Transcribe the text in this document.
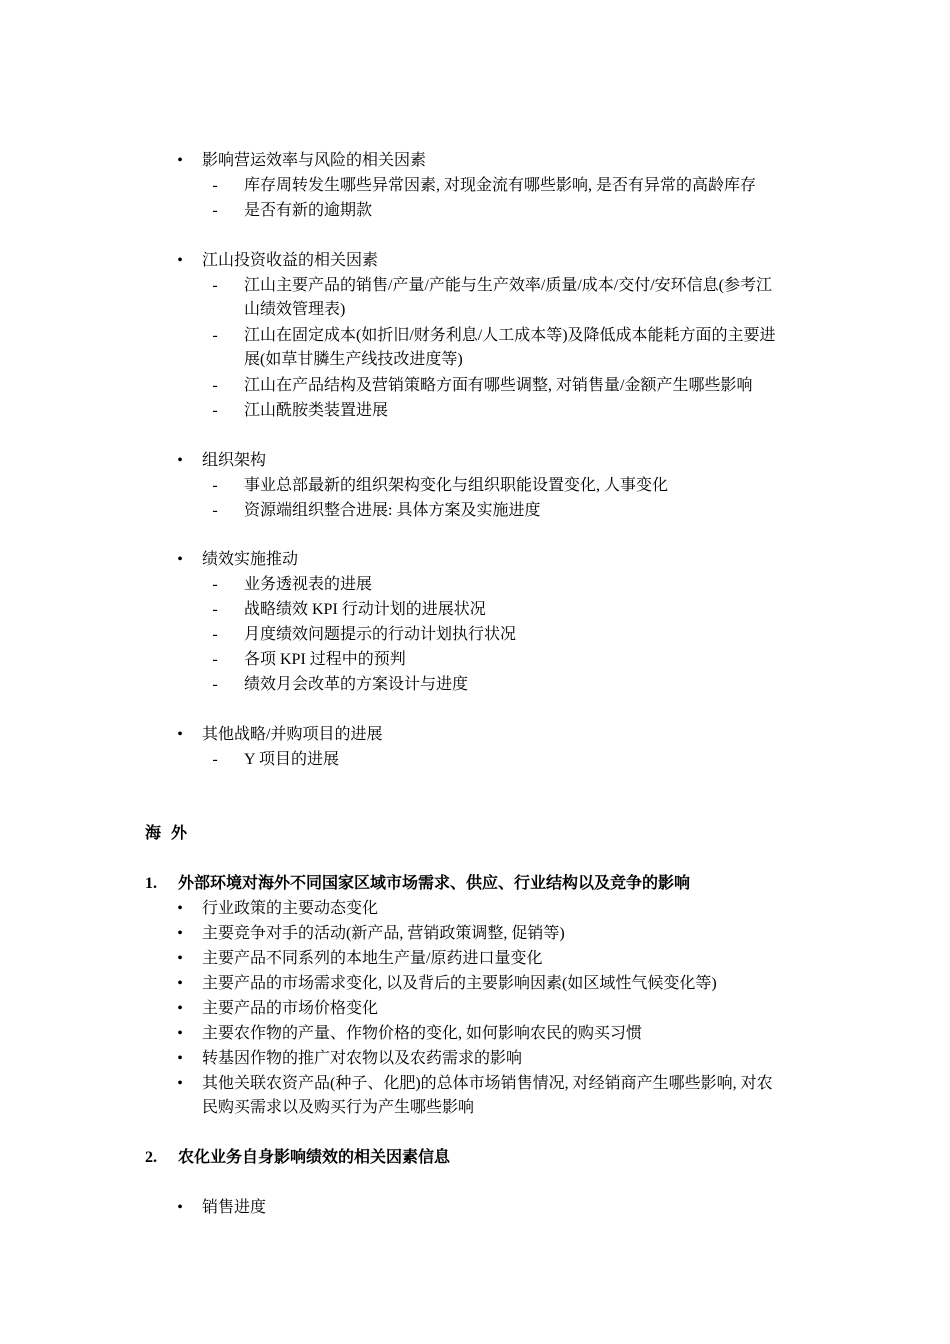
• 影响营运效率与风险的相关因素
- 库存周转发生哪些异常因素, 对现金流有哪些影响, 是否有异常的高龄库存
- 是否有新的逾期款
• 江山投资收益的相关因素
- 江山主要产品的销售/产量/产能与生产效率/质量/成本/交付/安环信息(参考江
山绩效管理表)
- 江山在固定成本(如折旧/财务利息/人工成本等)及降低成本能耗方面的主要进
展(如草甘膦生产线技改进度等)
- 江山在产品结构及营销策略方面有哪些调整, 对销售量/金额产生哪些影响
- 江山酰胺类装置进展
• 组织架构
- 事业总部最新的组织架构变化与组织职能设置变化, 人事变化
- 资源端组织整合进展: 具体方案及实施进度
• 绩效实施推动
- 业务透视表的进展
- 战略绩效 KPI 行动计划的进展状况
- 月度绩效问题提示的行动计划执行状况
- 各项 KPI 过程中的预判
- 绩效月会改革的方案设计与进度
• 其他战略/并购项目的进展
- Y 项目的进展
海 外
1. 外部环境对海外不同国家区域市场需求、供应、行业结构以及竞争的影响
• 行业政策的主要动态变化
• 主要竞争对手的活动(新产品, 营销政策调整, 促销等)
• 主要产品不同系列的本地生产量/原药进口量变化
• 主要产品的市场需求变化, 以及背后的主要影响因素(如区域性气候变化等)
• 主要产品的市场价格变化
• 主要农作物的产量、作物价格的变化, 如何影响农民的购买习惯
• 转基因作物的推广对农物以及农药需求的影响
• 其他关联农资产品(种子、化肥)的总体市场销售情况, 对经销商产生哪些影响, 对农
民购买需求以及购买行为产生哪些影响
2. 农化业务自身影响绩效的相关因素信息
• 销售进度
